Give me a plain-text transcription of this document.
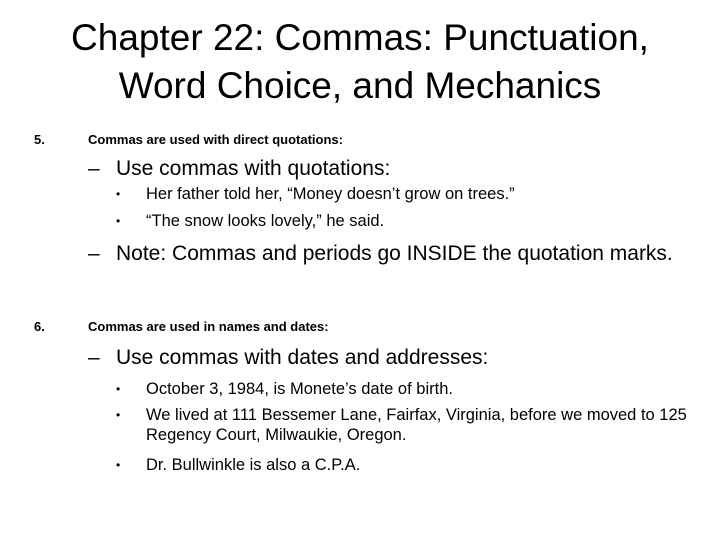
Chapter 22: Commas: Punctuation,
Word Choice, and Mechanics
5.	Commas are used with direct quotations:
– Use commas with quotations:
•	Her father told her, “Money doesn’t grow on trees.”
•	“The snow looks lovely,” he said.
– Note: Commas and periods go INSIDE the quotation marks.
6.	Commas are used in names and dates:
– Use commas with dates and addresses:
•	October 3, 1984, is Monete’s date of birth.
•	We lived at 111 Bessemer Lane, Fairfax, Virginia, before we moved to 125 Regency Court, Milwaukie, Oregon.
•	Dr. Bullwinkle is also a C.P.A.
